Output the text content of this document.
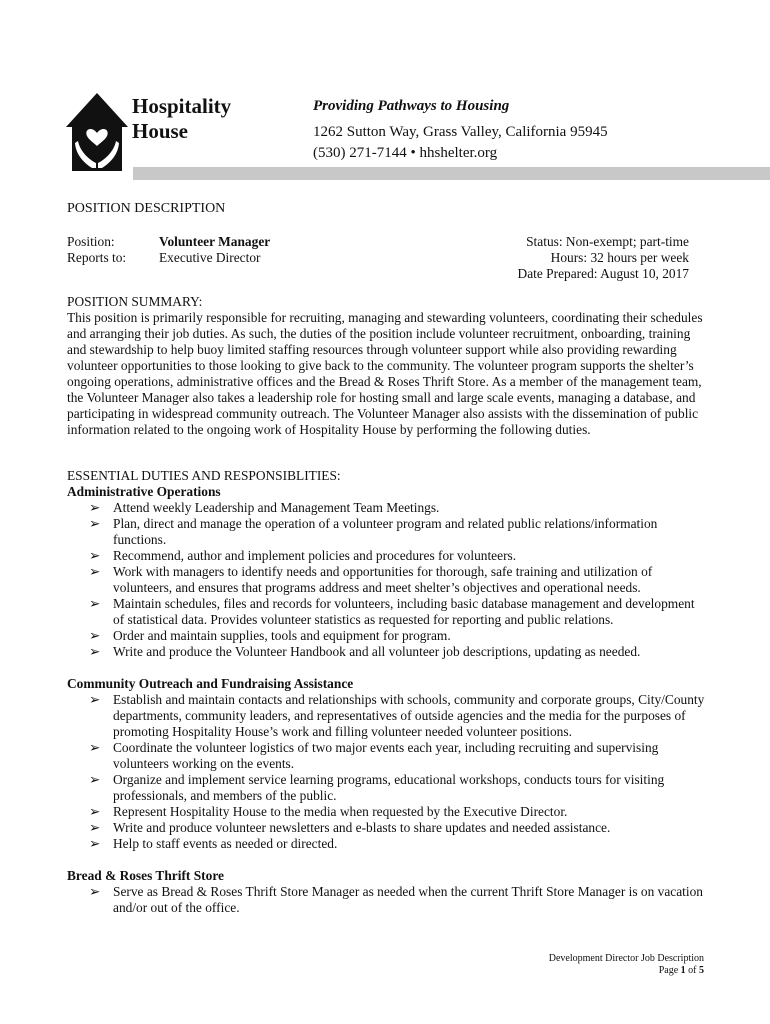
Hospitality
House
Providing Pathways to Housing
1262 Sutton Way, Grass Valley, California 95945
(530) 271-7144 • hhshelter.org
POSITION DESCRIPTION
Position:	Volunteer Manager
Reports to: Executive Director
Status: Non-exempt; part-time
Hours: 32 hours per week
Date Prepared: August 10, 2017
POSITION SUMMARY:
This position is primarily responsible for recruiting, managing and stewarding volunteers, coordinating their schedules and arranging their job duties. As such, the duties of the position include volunteer recruitment, onboarding, training and stewardship to help buoy limited staffing resources through volunteer support while also providing rewarding volunteer opportunities to those looking to give back to the community. The volunteer program supports the shelter’s ongoing operations, administrative offices and the Bread & Roses Thrift Store. As a member of the management team, the Volunteer Manager also takes a leadership role for hosting small and large scale events, managing a database, and participating in widespread community outreach. The Volunteer Manager also assists with the dissemination of public information related to the ongoing work of Hospitality House by performing the following duties.
ESSENTIAL DUTIES AND RESPONSIBLITIES:
Administrative Operations
➢ Attend weekly Leadership and Management Team Meetings.
➢ Plan, direct and manage the operation of a volunteer program and related public relations/information functions.
➢ Recommend, author and implement policies and procedures for volunteers.
➢ Work with managers to identify needs and opportunities for thorough, safe training and utilization of volunteers, and ensures that programs address and meet shelter’s objectives and operational needs.
➢ Maintain schedules, files and records for volunteers, including basic database management and development of statistical data. Provides volunteer statistics as requested for reporting and public relations.
➢ Order and maintain supplies, tools and equipment for program.
➢ Write and produce the Volunteer Handbook and all volunteer job descriptions, updating as needed.
Community Outreach and Fundraising Assistance
➢ Establish and maintain contacts and relationships with schools, community and corporate groups, City/County departments, community leaders, and representatives of outside agencies and the media for the purposes of promoting Hospitality House’s work and filling volunteer needed volunteer positions.
➢ Coordinate the volunteer logistics of two major events each year, including recruiting and supervising volunteers working on the events.
➢ Organize and implement service learning programs, educational workshops, conducts tours for visiting professionals, and members of the public.
➢ Represent Hospitality House to the media when requested by the Executive Director.
➢ Write and produce volunteer newsletters and e-blasts to share updates and needed assistance.
➢ Help to staff events as needed or directed.
Bread & Roses Thrift Store
➢ Serve as Bread & Roses Thrift Store Manager as needed when the current Thrift Store Manager is on vacation and/or out of the office.
Development Director Job Description
Page 1 of 5
